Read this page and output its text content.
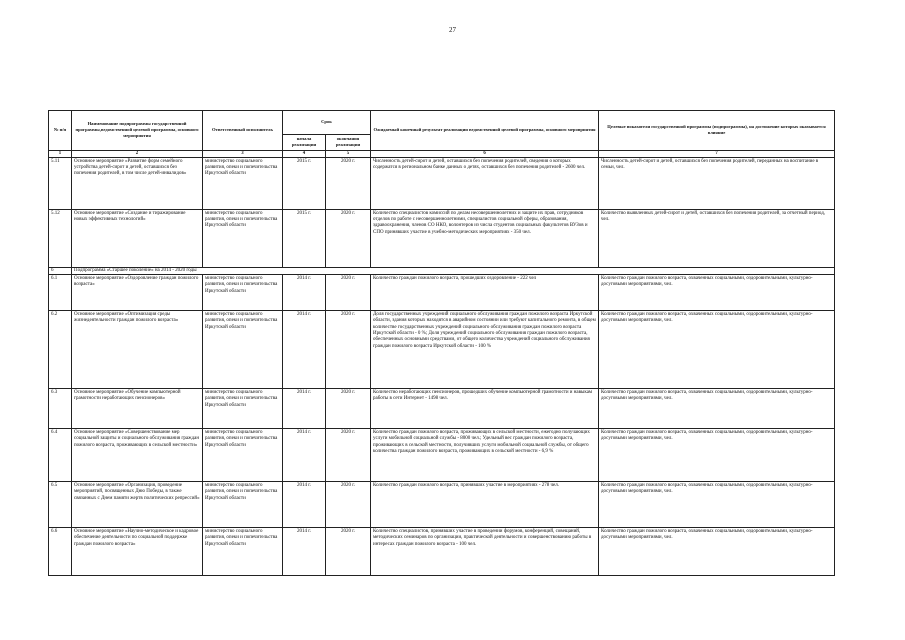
27
№ п/п	Наименование подпрограммы государственной программы,ведомственной целевой программы, основного мероприятия	Ответственный исполнитель	Срок		Ожидаемый конечный результат реализации ведомственной целевой программы, основного мероприятия	Целевые показатели государственной программы (подпрограммы), на достижение которых оказывается влияние
			начала реализации	окончания реализации		
1	2	3	4	5	6	7
5.11	Основное мероприятие «Развитие форм семейного устройства детей-сирот и детей, оставшихся без попечения родителей, в том числе детей-инвалидов»	министерство социального развития, опеки и попечительства Иркутской области	2015 г.	2020 г.	Численность детей-сирот и детей, оставшихся без попечения родителей, сведения о которых содержатся в региональном банке данных о детях, оставшихся без попечения родителей - 2600 чел.	Численность детей-сирот и детей, оставшихся без попечения родителей, переданных на воспитание в семьи, чел.
5.12	Основное мероприятие «Создание и тиражирование новых эффективных технологий»	министерство социального развития, опеки и попечительства Иркутской области	2015 г.	2020 г.	Количество специалистов комиссий по делам несовершеннолетних и защите их прав, сотрудников отделов по работе с несовершеннолетними, специалистов социальной сферы, образования, здравоохранения, членов СО НКО, волонтеров из числа студентов социальных факультетов ВУЗов и СПО принявших участие в учебно-методических мероприятиях - 350 чел.	Количество выявленных детей-сирот и детей, оставшихся без попечения родителей, за отчетный период, чел.
6	Подпрограмма «Старшее поколение» на 2014 - 2020 годы					
6.1	Основное мероприятие «Оздоровление граждан пожилого возраста»	министерство социального развития, опеки и попечительства Иркутской области	2014 г.	2020 г.	Количество граждан пожилого возраста, прошедших оздоровление - 222 чел	Количество граждан пожилого возраста, охваченных социальными, оздоровительными, культурно-досуговыми мероприятиями, чел.
6.2	Основное мероприятие «Оптимизация среды жизнедеятельности граждан пожилого возраста»	министерство социального развития, опеки и попечительства Иркутской области	2014 г.	2020 г.	Доля государственных учреждений социального обслуживания граждан пожилого возраста Иркутской области, здания которых находятся в аварийном состоянии или требуют капитального ремонта, в общем количестве государственных учреждений социального обслуживания граждан пожилого возраста Иркутской области - 0 %; Доля учреждений социального обслуживания граждан пожилого возраста, обеспеченных основными средствами, от общего количества учреждений социального обслуживания граждан пожилого возраста Иркутской области - 100 %	Количество граждан пожилого возраста, охваченных социальными, оздоровительными, культурно-досуговыми мероприятиями, чел.
6.3	Основное мероприятие «Обучение компьютерной грамотности неработающих пенсионеров»	министерство социального развития, опеки и попечительства Иркутской области	2014 г.	2020 г.	Количество неработающих пенсионеров, прошедших обучение компьютерной грамотности и навыкам работы в сети Интернет - 1498 чел.	Количество граждан пожилого возраста, охваченных социальными, оздоровительными, культурно-досуговыми мероприятиями, чел.
6.4	Основное мероприятие «Совершенствование мер социальной защиты и социального обслуживания граждан пожилого возраста, проживающих в сельской местности»	министерство социального развития, опеки и попечительства Иркутской области	2014 г.	2020 г.	Количество граждан пожилого возраста, проживающих в сельской местности, ежегодно получающих услуги мобильной социальной службы - 8000 чел.; Удельный вес граждан пожилого возраста, проживающих в сельской местности, получивших услуги мобильной социальной службы, от общего количества граждан пожилого возраста, проживающих в сельской местности - 6,9 %	Количество граждан пожилого возраста, охваченных социальными, оздоровительными, культурно-досуговыми мероприятиями, чел.
6.5	Основное мероприятие «Организация, проведение мероприятий, посвященных Дню Победы, в также связанных с Днем памяти жертв политических репрессий»	министерство социального развития, опеки и попечительства Иркутской области	2014 г.	2020 г.	Количество граждан пожилого возраста, принявших участие в мероприятиях - 278 чел.	Количество граждан пожилого возраста, охваченных социальными, оздоровительными, культурно-досуговыми мероприятиями, чел.
6.6	Основное мероприятие «Научно-методическое и кадровое обеспечение деятельности по социальной поддержке граждан пожилого возраста»	министерство социального развития, опеки и попечительства Иркутской области	2014 г.	2020 г.	Количество специалистов, принявших участие в проведении форумов, конференций, совещаний, методических семинаров по организации, практической деятельности и совершенствованию работы в интересах граждан пожилого возраста - 100 чел.	Количество граждан пожилого возраста, охваченных социальными, оздоровительными, культурно-досуговыми мероприятиями, чел.
